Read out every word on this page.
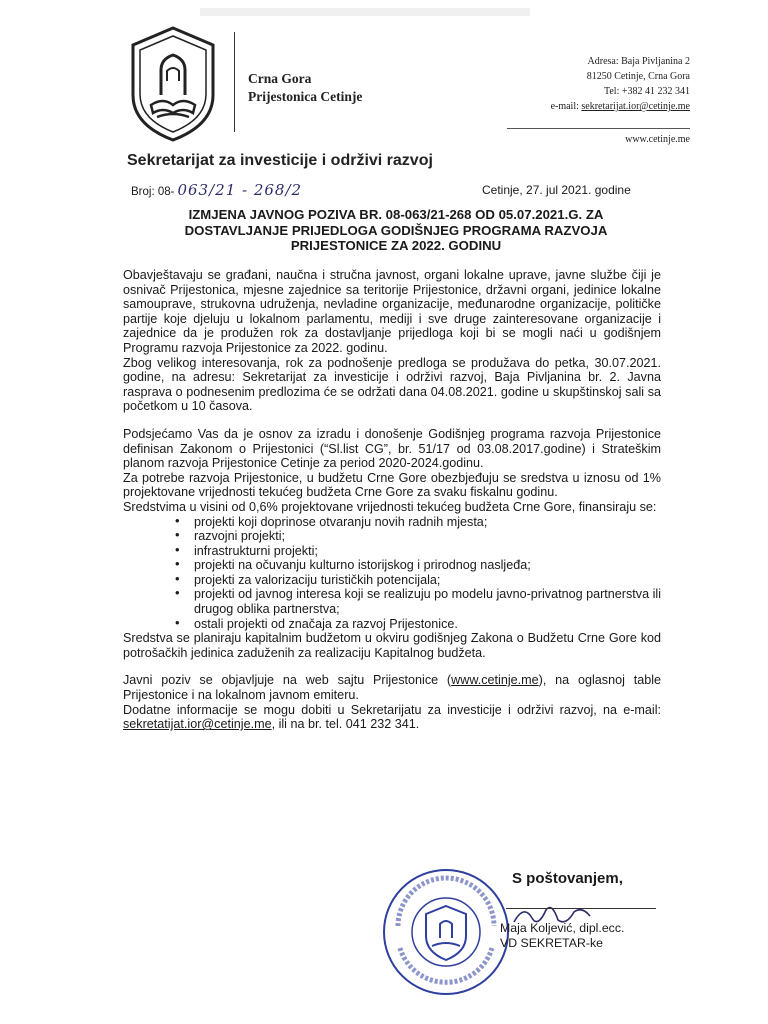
Crna Gora
Prijestonica Cetinje
Adresa: Baja Pivljanina 2
81250 Cetinje, Crna Gora
Tel: +382 41 232 341
e-mail: sekretarijat.ior@cetinje.me
www.cetinje.me
Sekretarijat za investicije i održivi razvoj
Broj: 08- 063/21 - 268/2	Cetinje, 27. jul 2021. godine
IZMJENA JAVNOG POZIVA BR. 08-063/21-268 OD 05.07.2021.G. ZA
DOSTAVLJANJE PRIJEDLOGA GODIŠNJEG PROGRAMA RAZVOJA
PRIJESTONICE ZA 2022. GODINU

Obavještavaju se građani, naučna i stručna javnost, organi lokalne uprave, javne službe čiji je osnivač Prijestonica, mjesne zajednice sa teritorije Prijestonice, državni organi, jedinice lokalne samouprave, strukovna udruženja, nevladine organizacije, međunarodne organizacije, političke partije koje djeluju u lokalnom parlamentu, mediji i sve druge zainteresovane organizacije i zajednice da je produžen rok za dostavljanje prijedloga koji bi se mogli naći u godišnjem Programu razvoja Prijestonice za 2022. godinu.

Zbog velikog interesovanja, rok za podnošenje predloga se produžava do petka, 30.07.2021. godine, na adresu: Sekretarijat za investicije i održivi razvoj, Baja Pivljanina br. 2. Javna rasprava o podnesenim predlozima će se održati dana 04.08.2021. godine u skupštinskoj sali sa početkom u 10 časova.

Podsjećamo Vas da je osnov za izradu i donošenje Godišnjeg programa razvoja Prijestonice definisan Zakonom o Prijestonici (“Sl.list CG”, br. 51/17 od 03.08.2017.godine) i Strateškim planom razvoja Prijestonice Cetinje za period 2020-2024.godinu.

Za potrebe razvoja Prijestonice, u budžetu Crne Gore obezbjeđuju se sredstva u iznosu od 1% projektovane vrijednosti tekućeg budžeta Crne Gore za svaku fiskalnu godinu.

Sredstvima u visini od 0,6% projektovane vrijednosti tekućeg budžeta Crne Gore, finansiraju se:

• projekti koji doprinose otvaranju novih radnih mjesta;
• razvojni projekti;
• infrastrukturni projekti;
• projekti na očuvanju kulturno istorijskog i prirodnog nasljeđa;
• projekti za valorizaciju turističkih potencijala;
• projekti od javnog interesa koji se realizuju po modelu javno-privatnog partnerstva ili drugog oblika partnerstva;
• ostali projekti od značaja za razvoj Prijestonice.

Sredstva se planiraju kapitalnim budžetom u okviru godišnjeg Zakona o Budžetu Crne Gore kod potrošačkih jedinica zaduženih za realizaciju Kapitalnog budžeta.

Javni poziv se objavljuje na web sajtu Prijestonice (www.cetinje.me), na oglasnoj table Prijestonice i na lokalnom javnom emiteru.

Dodatne informacije se mogu dobiti u Sekretarijatu za investicije i održivi razvoj, na e-mail: sekretatijat.ior@cetinje.me, ili na br. tel. 041 232 341.

S poštovanjem,
Maja Koljević, dipl.ecc.
VD SEKRETAR-ke
